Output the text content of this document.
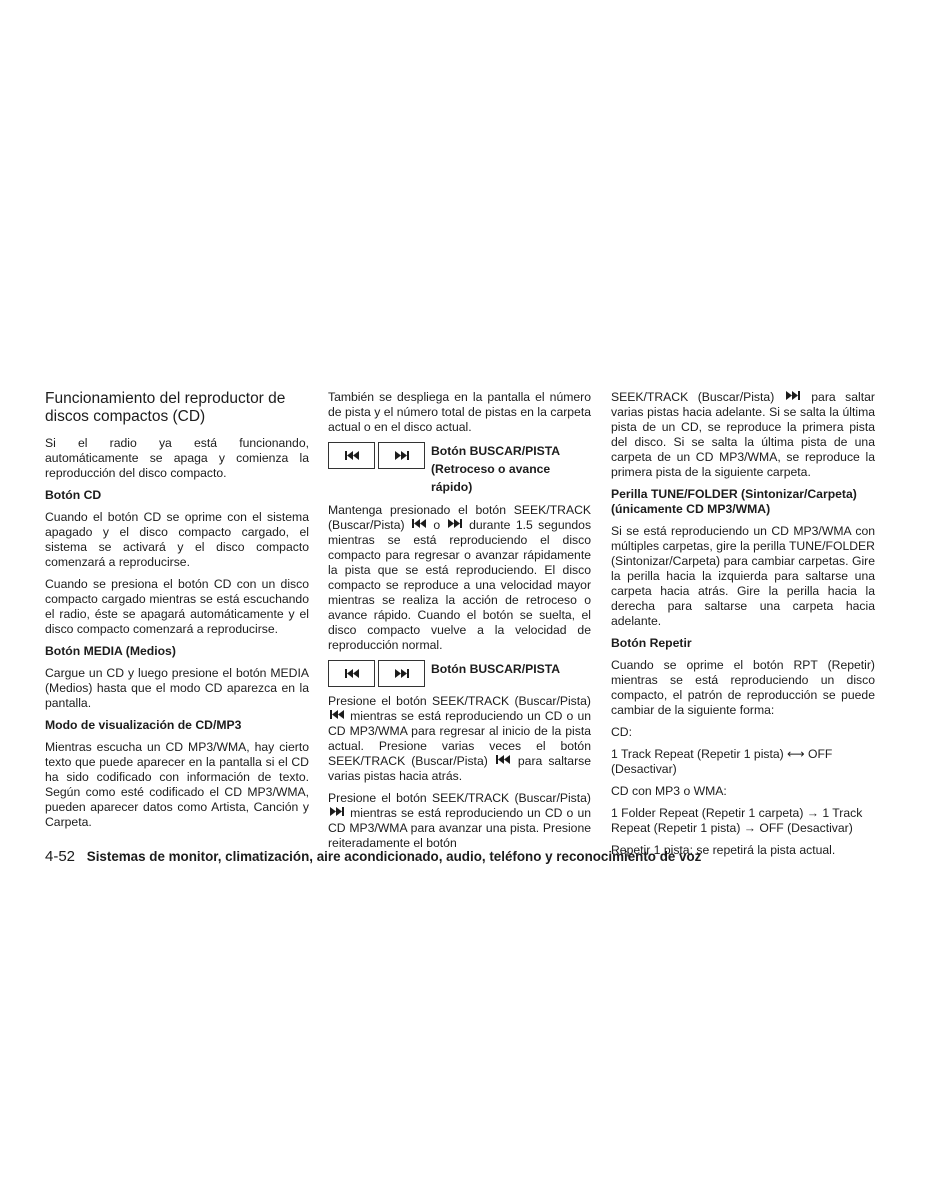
Funcionamiento del reproductor de discos compactos (CD)

Si el radio ya está funcionando, automáticamente se apaga y comienza la reproducción del disco compacto.

Botón CD

Cuando el botón CD se oprime con el sistema apagado y el disco compacto cargado, el sistema se activará y el disco compacto comenzará a reproducirse.

Cuando se presiona el botón CD con un disco compacto cargado mientras se está escuchando el radio, éste se apagará automáticamente y el disco compacto comenzará a reproducirse.

Botón MEDIA (Medios)

Cargue un CD y luego presione el botón MEDIA (Medios) hasta que el modo CD aparezca en la pantalla.

Modo de visualización de CD/MP3

Mientras escucha un CD MP3/WMA, hay cierto texto que puede aparecer en la pantalla si el CD ha sido codificado con información de texto. Según como esté codificado el CD MP3/WMA, pueden aparecer datos como Artista, Canción y Carpeta.

También se despliega en la pantalla el número de pista y el número total de pistas en la carpeta actual o en el disco actual.

Botón BUSCAR/PISTA (Retroceso o avance rápido)

Mantenga presionado el botón SEEK/TRACK (Buscar/Pista) o durante 1.5 segundos mientras se está reproduciendo el disco compacto para regresar o avanzar rápidamente la pista que se está reproduciendo. El disco compacto se reproduce a una velocidad mayor mientras se realiza la acción de retroceso o avance rápido. Cuando el botón se suelta, el disco compacto vuelve a la velocidad de reproducción normal.

Botón BUSCAR/PISTA

Presione el botón SEEK/TRACK (Buscar/Pista)
mientras se está reproduciendo un CD o un CD MP3/WMA para regresar al inicio de la pista actual. Presione varias veces el botón SEEK/TRACK (Buscar/Pista) para saltarse varias pistas hacia atrás.

Presione el botón SEEK/TRACK (Buscar/Pista)
mientras se está reproduciendo un CD o un CD MP3/WMA para avanzar una pista. Presione reiteradamente el botón

SEEK/TRACK (Buscar/Pista)	para saltar varias pistas hacia adelante. Si se salta la última pista de un CD, se reproduce la primera pista del disco. Si se salta la última pista de una carpeta de un CD MP3/WMA, se reproduce la primera pista de la siguiente carpeta.

Perilla TUNE/FOLDER (Sintonizar/Carpeta) (únicamente CD MP3/WMA)

Si se está reproduciendo un CD MP3/WMA con múltiples carpetas, gire la perilla TUNE/FOLDER (Sintonizar/Carpeta) para cambiar carpetas. Gire la perilla hacia la izquierda para saltarse una carpeta hacia atrás. Gire la perilla hacia la derecha para saltarse una carpeta hacia adelante.

Botón Repetir

Cuando se oprime el botón RPT (Repetir) mientras se está reproduciendo un disco compacto, el patrón de reproducción se puede cambiar de la siguiente forma:

CD:

1 Track Repeat (Repetir 1 pista) ⟷ OFF (Desactivar)

CD con MP3 o WMA:

1 Folder Repeat (Repetir 1 carpeta) → 1 Track Repeat (Repetir 1 pista) → OFF (Desactivar)

Repetir 1 pista: se repetirá la pista actual.

4-52 Sistemas de monitor, climatización, aire acondicionado, audio, teléfono y reconocimiento de voz
